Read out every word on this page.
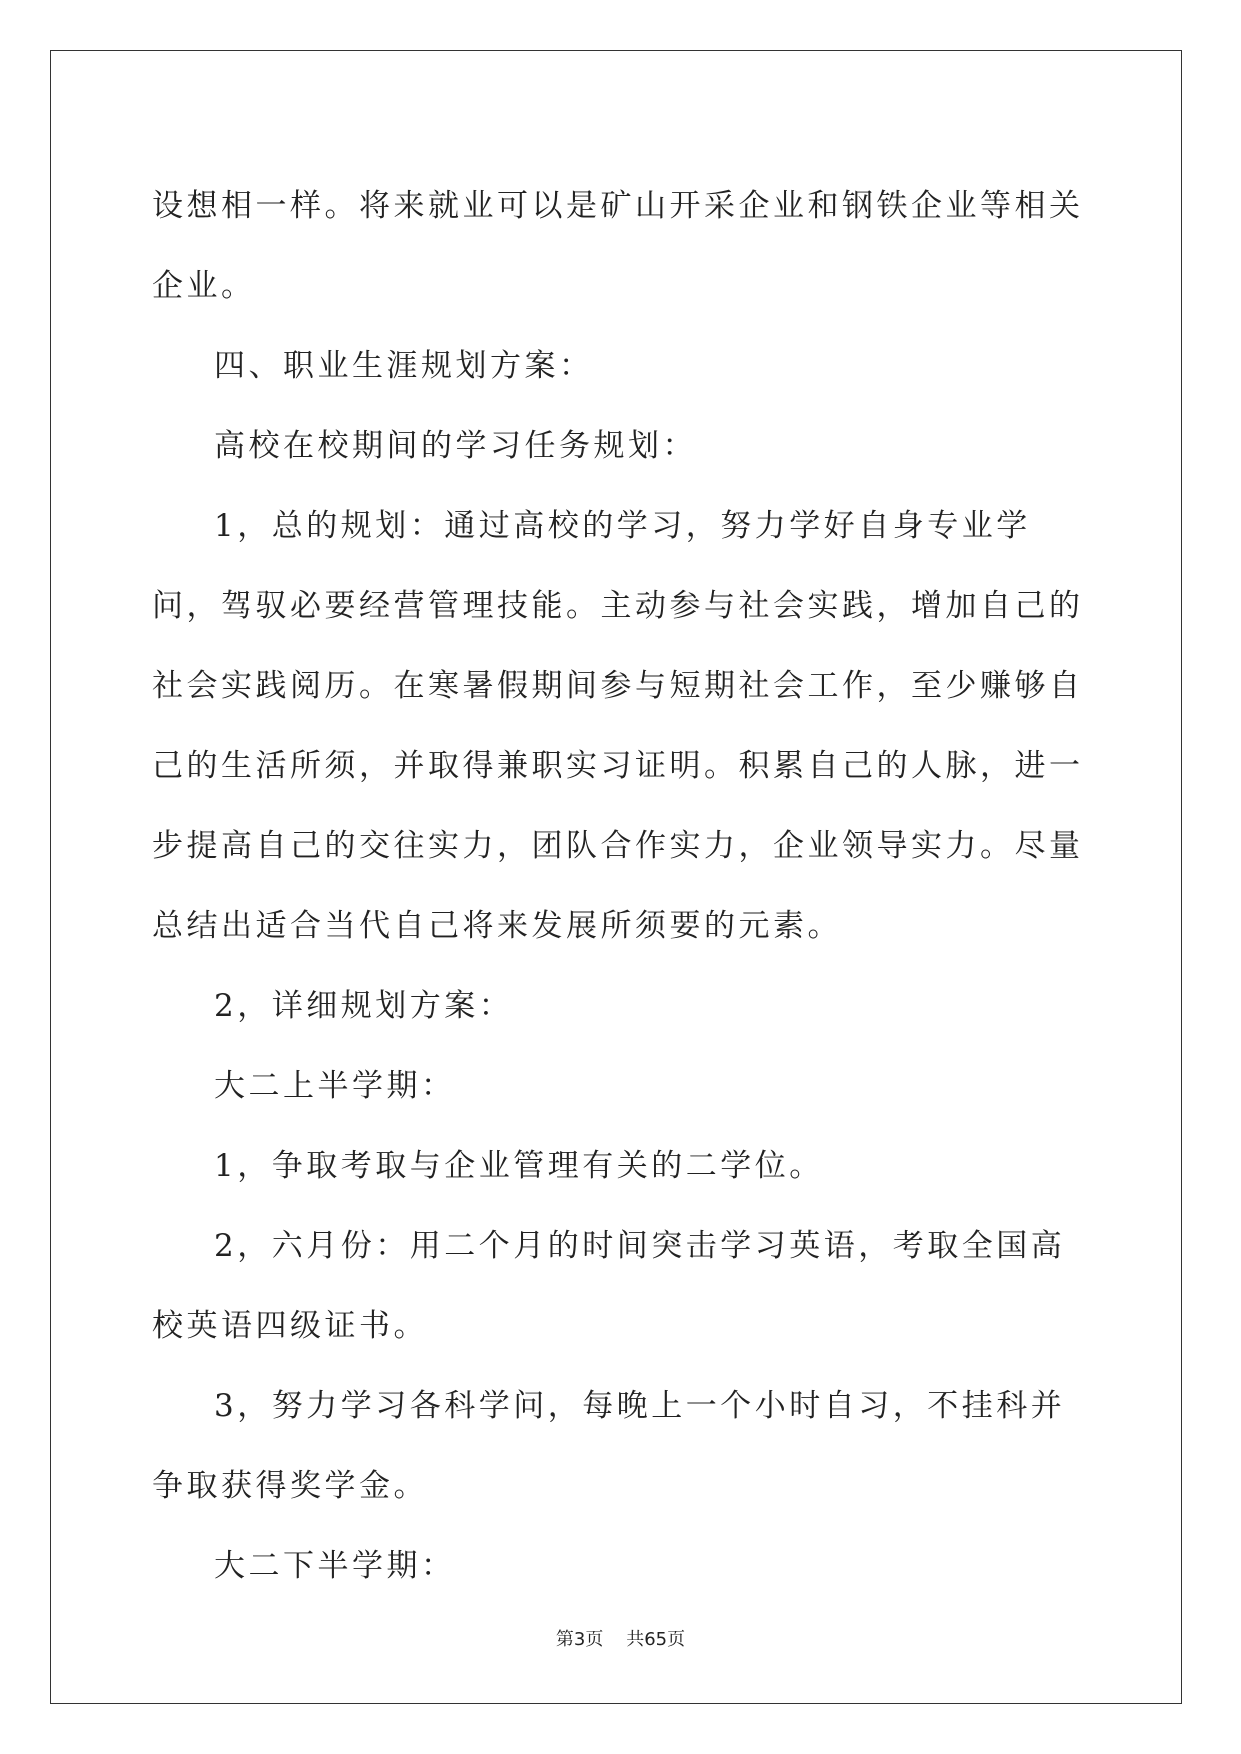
设想相一样。将来就业可以是矿山开采企业和钢铁企业等相关企业。

四、职业生涯规划方案：

高校在校期间的学习任务规划：

1，总的规划：通过高校的学习，努力学好自身专业学问，驾驭必要经营管理技能。主动参与社会实践，增加自己的社会实践阅历。在寒暑假期间参与短期社会工作，至少赚够自己的生活所须，并取得兼职实习证明。积累自己的人脉，进一步提高自己的交往实力，团队合作实力，企业领导实力。尽量总结出适合当代自己将来发展所须要的元素。

2，详细规划方案：

大二上半学期：

1，争取考取与企业管理有关的二学位。

2，六月份：用二个月的时间突击学习英语，考取全国高校英语四级证书。

3，努力学习各科学问，每晚上一个小时自习，不挂科并争取获得奖学金。

大二下半学期：

第3页 共65页
